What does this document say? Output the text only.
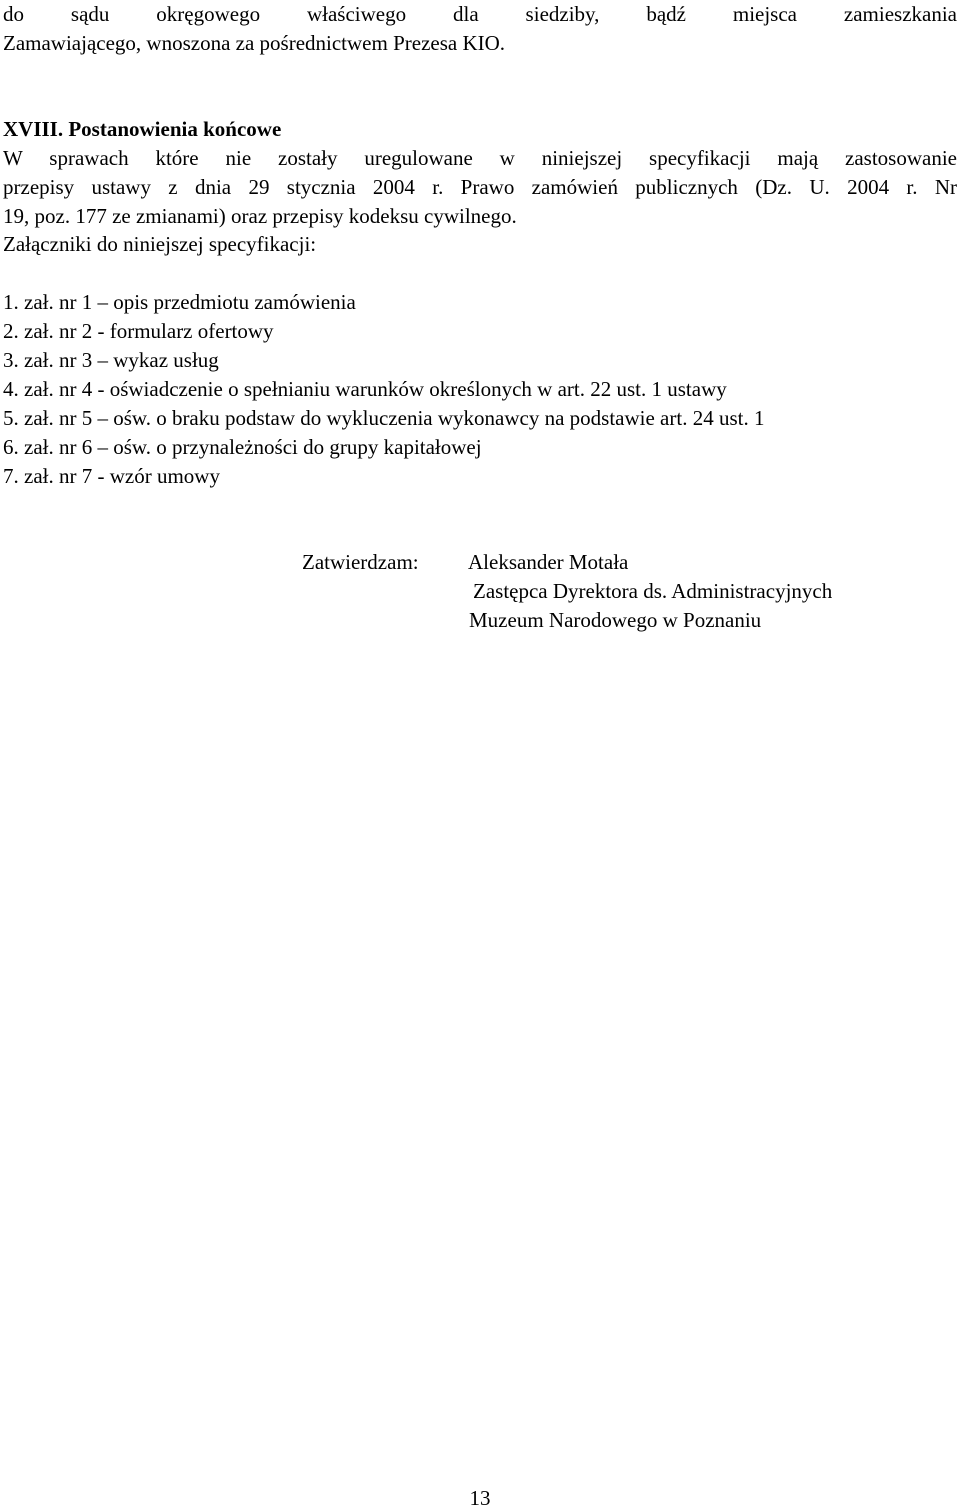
do sądu okręgowego właściwego dla siedziby, bądź miejsca zamieszkania
Zamawiającego, wnoszona za pośrednictwem Prezesa KIO.
XVIII. Postanowienia końcowe
W sprawach które nie zostały uregulowane w niniejszej specyfikacji mają zastosowanie
przepisy ustawy z dnia 29 stycznia 2004 r. Prawo zamówień publicznych (Dz. U. 2004 r. Nr
19, poz. 177 ze zmianami) oraz przepisy kodeksu cywilnego.
Załączniki do niniejszej specyfikacji:
1. zał. nr 1 – opis przedmiotu zamówienia
2. zał. nr 2 - formularz ofertowy
3. zał. nr 3 – wykaz usług
4. zał. nr 4 - oświadczenie o spełnianiu warunków określonych w art. 22 ust. 1 ustawy
5. zał. nr 5 – ośw. o braku podstaw do wykluczenia wykonawcy na podstawie art. 24 ust. 1
6. zał. nr 6 – ośw. o przynależności do grupy kapitałowej
7. zał. nr 7 - wzór umowy
Zatwierdzam: Aleksander Motała
Zastępca Dyrektora ds. Administracyjnych
Muzeum Narodowego w Poznaniu
13
